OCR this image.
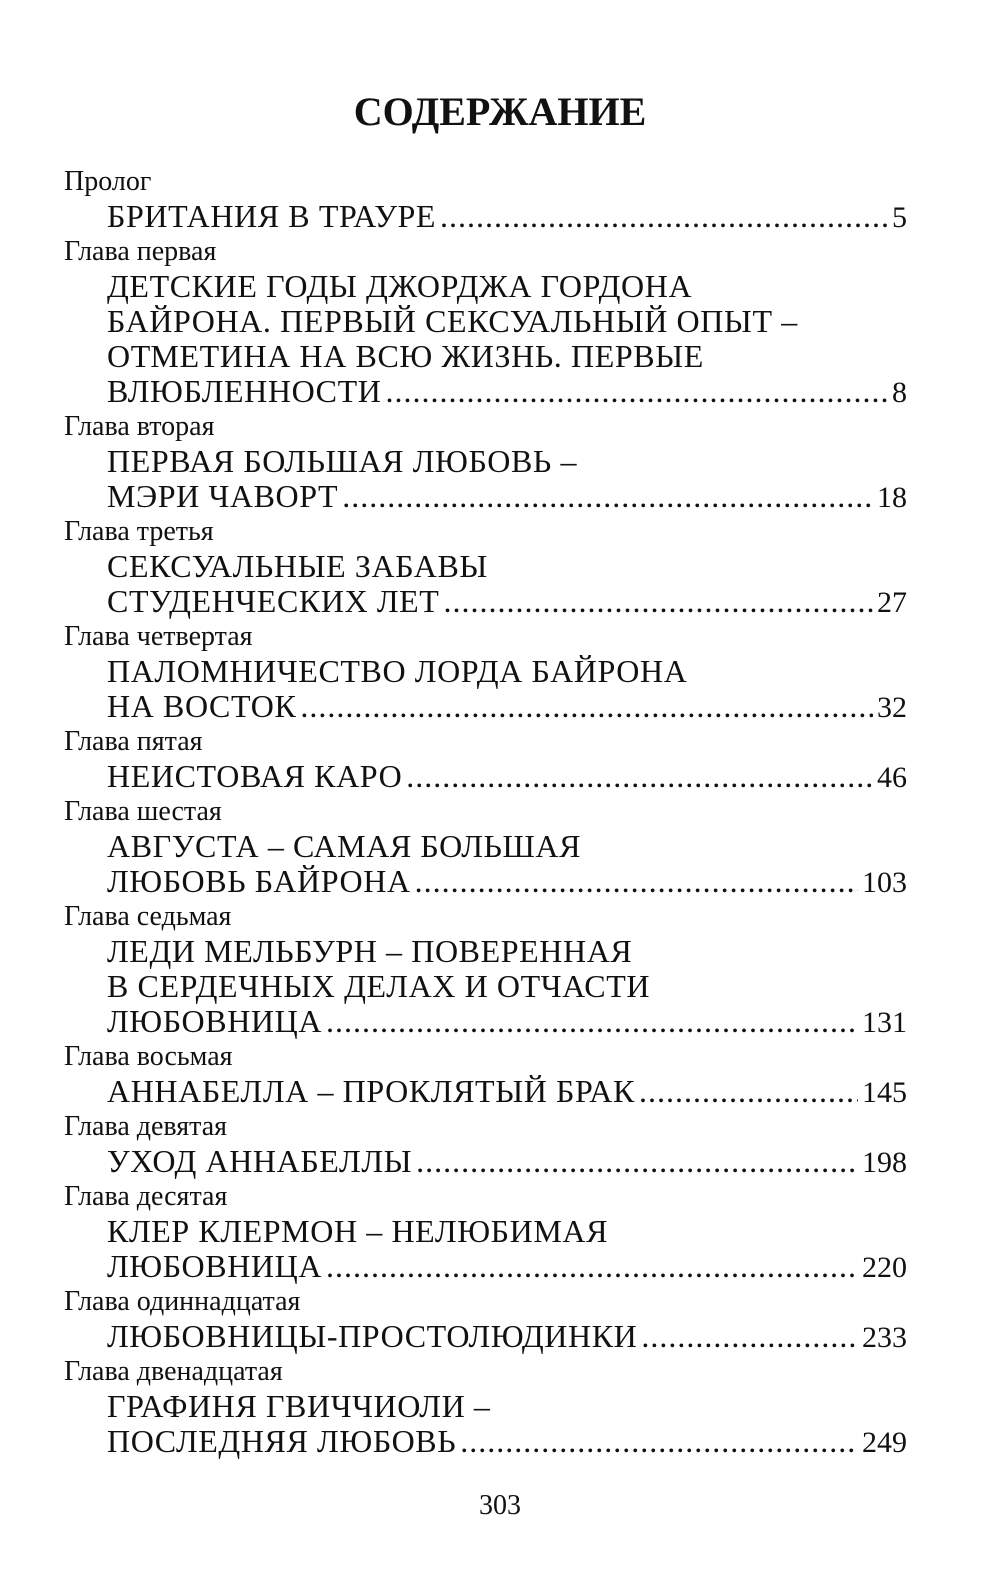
СОДЕРЖАНИЕ
Пролог
БРИТАНИЯ В ТРАУРЕ .....	5
Глава первая
ДЕТСКИЕ ГОДЫ ДЖОРДЖА ГОРДОНА
БАЙРОНА. ПЕРВЫЙ СЕКСУАЛЬНЫЙ ОПЫТ –
ОТМЕТИНА НА ВСЮ ЖИЗНЬ. ПЕРВЫЕ
ВЛЮБЛЕННОСТИ .....	8
Глава вторая
ПЕРВАЯ БОЛЬШАЯ ЛЮБОВЬ –
МЭРИ ЧАВОРТ .....	18
Глава третья
СЕКСУАЛЬНЫЕ ЗАБАВЫ
СТУДЕНЧЕСКИХ ЛЕТ .....	27
Глава четвертая
ПАЛОМНИЧЕСТВО ЛОРДА БАЙРОНА
НА ВОСТОК .....	32
Глава пятая
НЕИСТОВАЯ КАРО .....	46
Глава шестая
АВГУСТА – САМАЯ БОЛЬШАЯ
ЛЮБОВЬ БАЙРОНА .....	103
Глава седьмая
ЛЕДИ МЕЛЬБУРН – ПОВЕРЕННАЯ
В СЕРДЕЧНЫХ ДЕЛАХ И ОТЧАСТИ
ЛЮБОВНИЦА .....	131
Глава восьмая
АННАБЕЛЛА – ПРОКЛЯТЫЙ БРАК .....	145
Глава девятая
УХОД АННАБЕЛЛЫ .....	198
Глава десятая
КЛЕР КЛЕРМОН – НЕЛЮБИМАЯ
ЛЮБОВНИЦА .....	220
Глава одиннадцатая
ЛЮБОВНИЦЫ-ПРОСТОЛЮДИНКИ .....	233
Глава двенадцатая
ГРАФИНЯ ГВИЧЧИОЛИ –
ПОСЛЕДНЯЯ ЛЮБОВЬ .....	249
303
